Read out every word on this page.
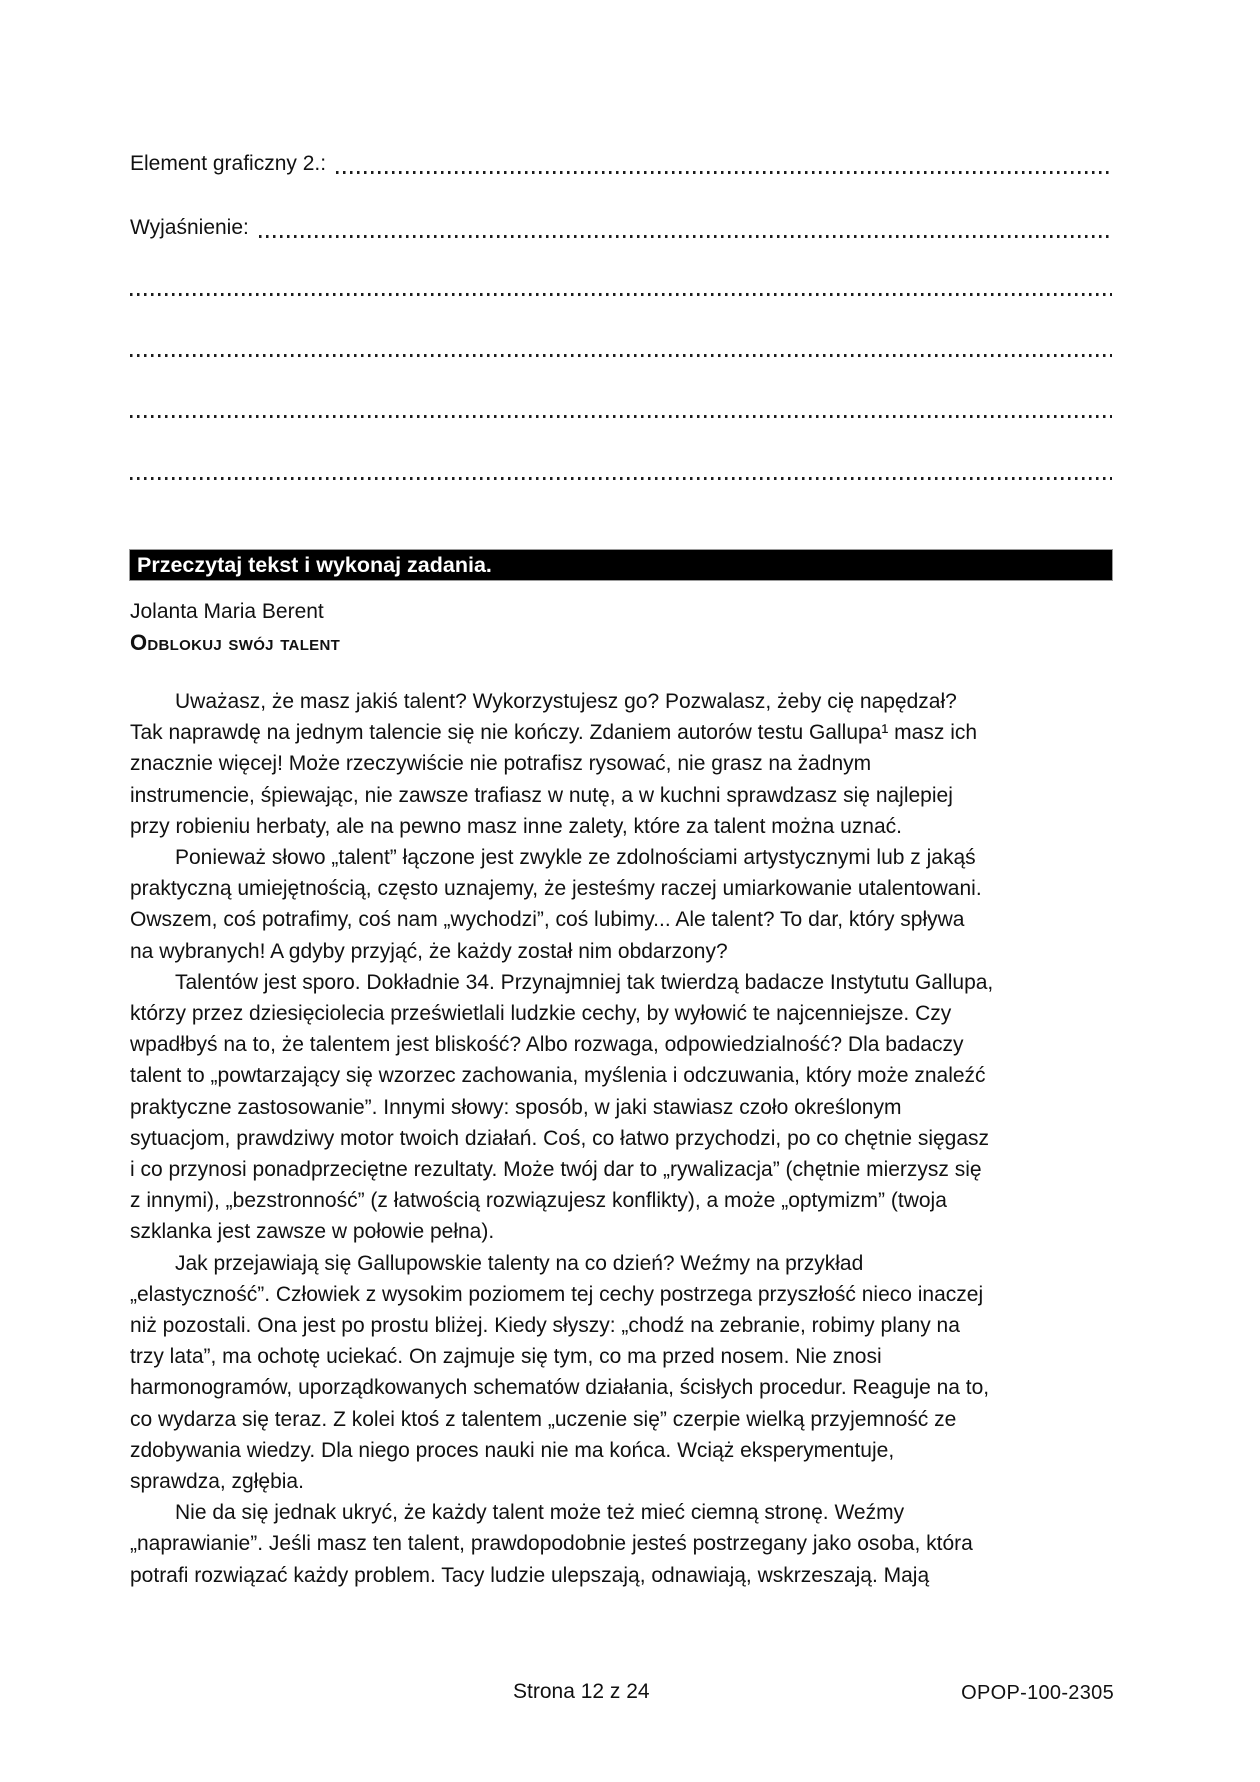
Element graficzny 2.:
Wyjaśnienie:
Przeczytaj tekst i wykonaj zadania.
Jolanta Maria Berent
Odblokuj swój talent

Uważasz, że masz jakiś talent? Wykorzystujesz go? Pozwalasz, żeby cię napędzał?
Tak naprawdę na jednym talencie się nie kończy. Zdaniem autorów testu Gallupa¹ masz ich
znacznie więcej! Może rzeczywiście nie potrafisz rysować, nie grasz na żadnym
instrumencie, śpiewając, nie zawsze trafiasz w nutę, a w kuchni sprawdzasz się najlepiej
przy robieniu herbaty, ale na pewno masz inne zalety, które za talent można uznać.

Ponieważ słowo „talent” łączone jest zwykle ze zdolnościami artystycznymi lub z jakąś
praktyczną umiejętnością, często uznajemy, że jesteśmy raczej umiarkowanie utalentowani.
Owszem, coś potrafimy, coś nam „wychodzi”, coś lubimy... Ale talent? To dar, który spływa
na wybranych! A gdyby przyjąć, że każdy został nim obdarzony?

Talentów jest sporo. Dokładnie 34. Przynajmniej tak twierdzą badacze Instytutu Gallupa,
którzy przez dziesięciolecia prześwietlali ludzkie cechy, by wyłowić te najcenniejsze. Czy
wpadłbyś na to, że talentem jest bliskość? Albo rozwaga, odpowiedzialność? Dla badaczy
talent to „powtarzający się wzorzec zachowania, myślenia i odczuwania, który może znaleźć
praktyczne zastosowanie”. Innymi słowy: sposób, w jaki stawiasz czoło określonym
sytuacjom, prawdziwy motor twoich działań. Coś, co łatwo przychodzi, po co chętnie sięgasz
i co przynosi ponadprzeciętne rezultaty. Może twój dar to „rywalizacja” (chętnie mierzysz się
z innymi), „bezstronność” (z łatwością rozwiązujesz konflikty), a może „optymizm” (twoja
szklanka jest zawsze w połowie pełna).

Jak przejawiają się Gallupowskie talenty na co dzień? Weźmy na przykład
„elastyczność”. Człowiek z wysokim poziomem tej cechy postrzega przyszłość nieco inaczej
niż pozostali. Ona jest po prostu bliżej. Kiedy słyszy: „chodź na zebranie, robimy plany na
trzy lata”, ma ochotę uciekać. On zajmuje się tym, co ma przed nosem. Nie znosi
harmonogramów, uporządkowanych schematów działania, ścisłych procedur. Reaguje na to,
co wydarza się teraz. Z kolei ktoś z talentem „uczenie się” czerpie wielką przyjemność ze
zdobywania wiedzy. Dla niego proces nauki nie ma końca. Wciąż eksperymentuje,
sprawdza, zgłębia.

Nie da się jednak ukryć, że każdy talent może też mieć ciemną stronę. Weźmy
„naprawianie”. Jeśli masz ten talent, prawdopodobnie jesteś postrzegany jako osoba, która
potrafi rozwiązać każdy problem. Tacy ludzie ulepszają, odnawiają, wskrzeszają. Mają

Strona 12 z 24	OPOP-100-2305
